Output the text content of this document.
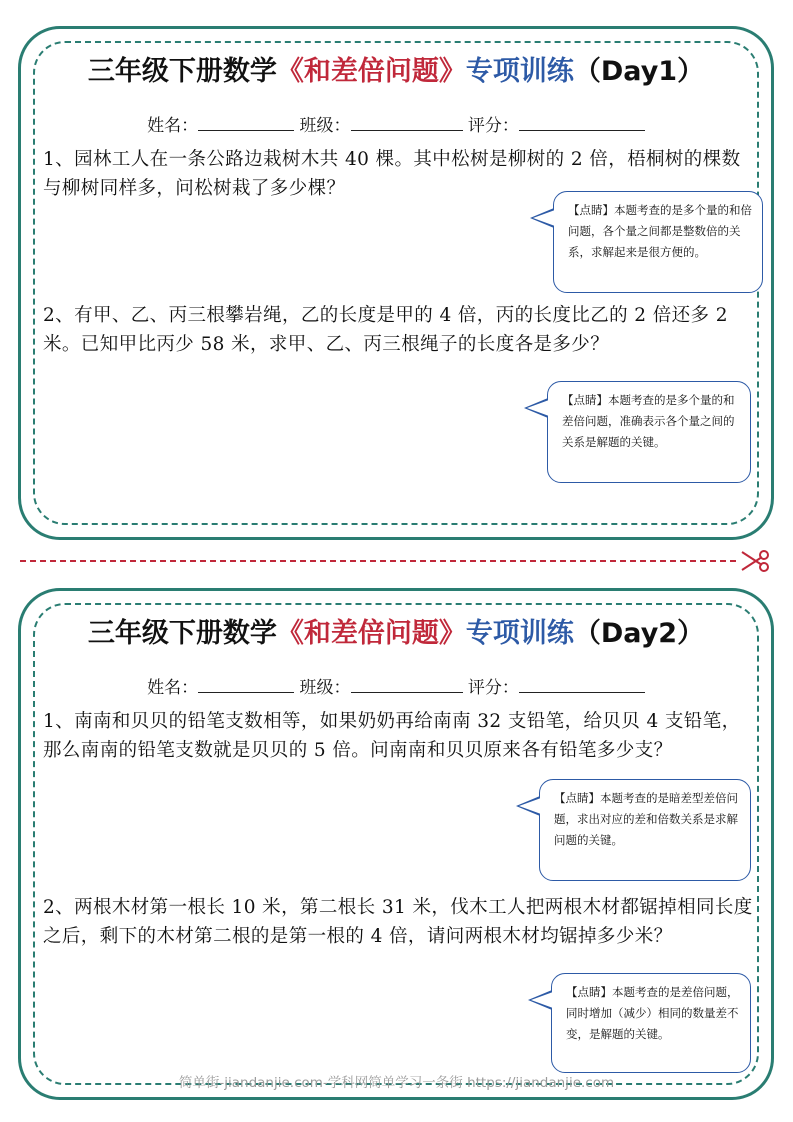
三年级下册数学《和差倍问题》专项训练（Day1）
姓名：	班级：	评分：
1、园林工人在一条公路边栽树木共 40 棵。其中松树是柳树的 2 倍，梧桐树的棵数与柳树同样多，问松树栽了多少棵？
【点睛】本题考查的是多个量的和倍问题，各个量之间都是整数倍的关系，求解起来是很方便的。
2、有甲、乙、丙三根攀岩绳，乙的长度是甲的 4 倍，丙的长度比乙的 2 倍还多 2 米。已知甲比丙少 58 米，求甲、乙、丙三根绳子的长度各是多少？
【点睛】本题考查的是多个量的和差倍问题，准确表示各个量之间的关系是解题的关键。
三年级下册数学《和差倍问题》专项训练（Day2）
姓名：	班级：	评分：
1、南南和贝贝的铅笔支数相等，如果奶奶再给南南 32 支铅笔，给贝贝 4 支铅笔，那么南南的铅笔支数就是贝贝的 5 倍。问南南和贝贝原来各有铅笔多少支？
【点睛】本题考查的是暗差型差倍问题，求出对应的差和倍数关系是求解问题的关键。
2、两根木材第一根长 10 米，第二根长 31 米，伐木工人把两根木材都锯掉相同长度之后，剩下的木材第二根的是第一根的 4 倍，请问两根木材均锯掉多少米？
【点睛】本题考查的是差倍问题，同时增加（减少）相同的数量差不变，是解题的关键。
简单街-jiandanjie.com-学科网简单学习一条街 https://jiandanjie.com
